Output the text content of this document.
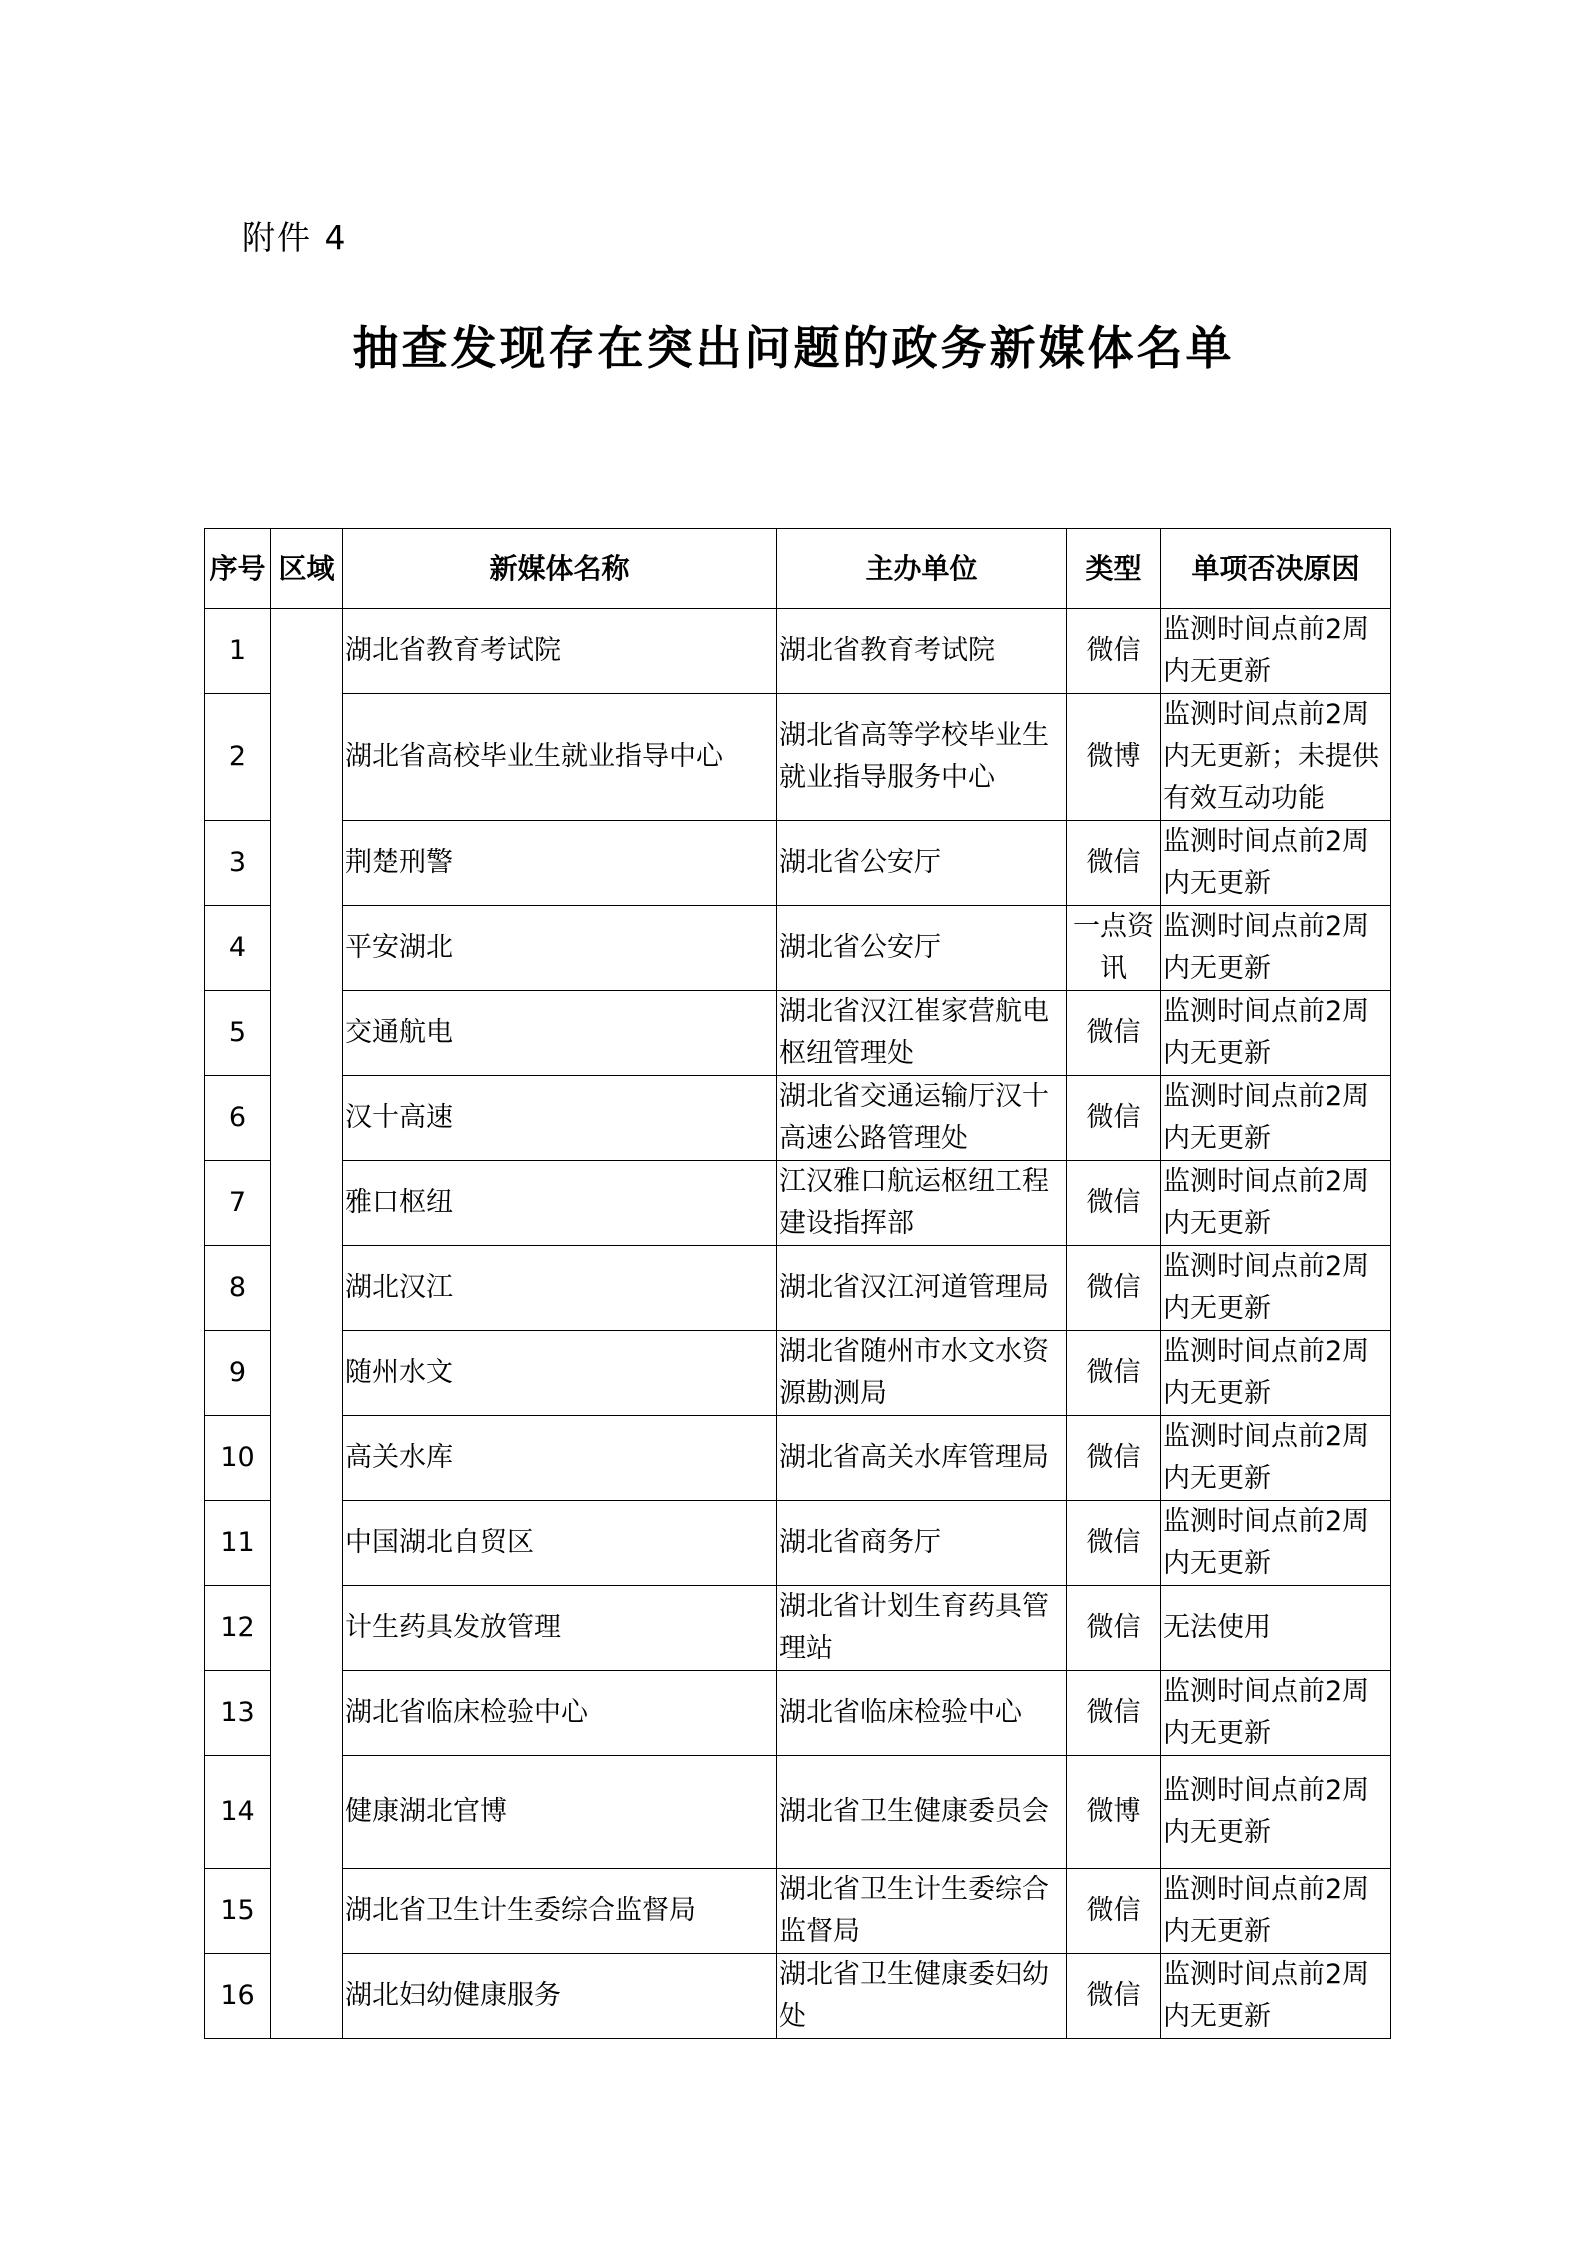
附件 4
抽查发现存在突出问题的政务新媒体名单
序号	区域	新媒体名称	主办单位	类型	单项否决原因
1		湖北省教育考试院	湖北省教育考试院	微信	监测时间点前2周内无更新
2		湖北省高校毕业生就业指导中心	湖北省高等学校毕业生就业指导服务中心	微博	监测时间点前2周内无更新；未提供有效互动功能
3		荆楚刑警	湖北省公安厅	微信	监测时间点前2周内无更新
4		平安湖北	湖北省公安厅	一点资讯	监测时间点前2周内无更新
5		交通航电	湖北省汉江崔家营航电枢纽管理处	微信	监测时间点前2周内无更新
6		汉十高速	湖北省交通运输厅汉十高速公路管理处	微信	监测时间点前2周内无更新
7		雅口枢纽	江汉雅口航运枢纽工程建设指挥部	微信	监测时间点前2周内无更新
8		湖北汉江	湖北省汉江河道管理局	微信	监测时间点前2周内无更新
9		随州水文	湖北省随州市水文水资源勘测局	微信	监测时间点前2周内无更新
10		高关水库	湖北省高关水库管理局	微信	监测时间点前2周内无更新
11		中国湖北自贸区	湖北省商务厅	微信	监测时间点前2周内无更新
12		计生药具发放管理	湖北省计划生育药具管理站	微信	无法使用
13		湖北省临床检验中心	湖北省临床检验中心	微信	监测时间点前2周内无更新
14		健康湖北官博	湖北省卫生健康委员会	微博	监测时间点前2周内无更新
15		湖北省卫生计生委综合监督局	湖北省卫生计生委综合监督局	微信	监测时间点前2周内无更新
16		湖北妇幼健康服务	湖北省卫生健康委妇幼处	微信	监测时间点前2周内无更新
